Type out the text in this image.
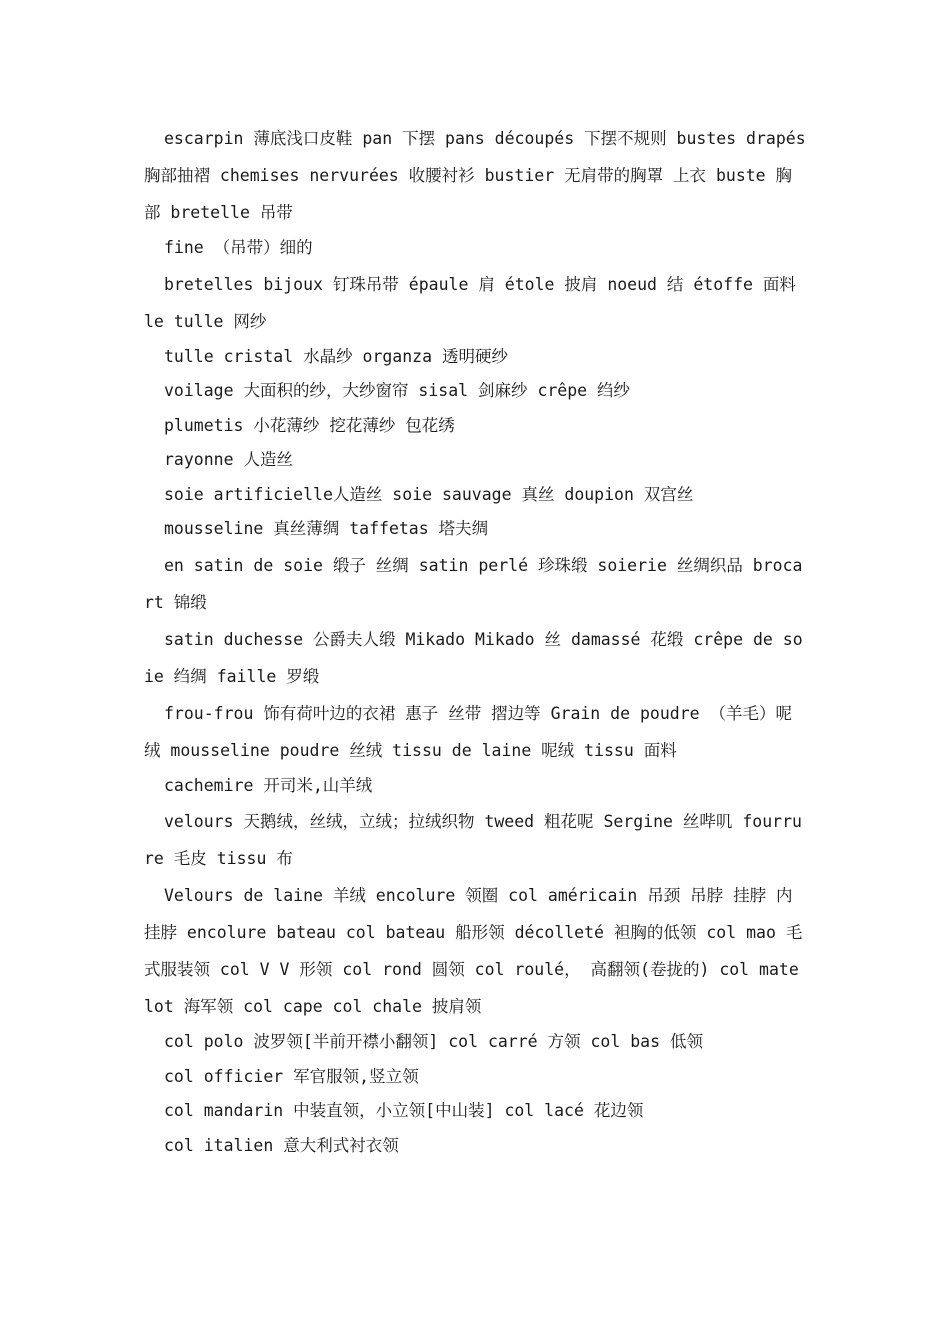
escarpin 薄底浅口皮鞋 pan 下摆 pans découpés 下摆不规则 bustes drapés 胸部抽褶 chemises nervurées 收腰衬衫 bustier 无肩带的胸罩 上衣 buste 胸部 bretelle 吊带

fine （吊带）细的

bretelles bijoux 钉珠吊带 épaule 肩 étole 披肩 noeud 结 étoffe 面料 le tulle 网纱

tulle cristal 水晶纱 organza 透明硬纱

voilage 大面积的纱，大纱窗帘 sisal 剑麻纱 crêpe 绉纱

plumetis 小花薄纱 挖花薄纱 包花绣

rayonne 人造丝

soie artificielle人造丝 soie sauvage 真丝 doupion 双宫丝

mousseline 真丝薄绸 taffetas 塔夫绸

en satin de soie 缎子 丝绸 satin perlé 珍珠缎 soierie 丝绸织品 brocart 锦缎

satin duchesse 公爵夫人缎 Mikado Mikado 丝 damassé 花缎 crêpe de soie 绉绸 faille 罗缎

frou-frou 饰有荷叶边的衣裙 惠子 丝带 摺边等 Grain de poudre （羊毛）呢绒 mousseline poudre 丝绒 tissu de laine 呢绒 tissu 面料

cachemire 开司米,山羊绒

velours 天鹅绒，丝绒，立绒；拉绒织物 tweed 粗花呢 Sergine 丝哔叽 fourrure 毛皮 tissu 布

Velours de laine 羊绒 encolure 领圈 col américain 吊颈 吊脖 挂脖 内挂脖 encolure bateau col bateau 船形领 décolleté 袒胸的低领 col mao 毛式服装领 col V V 形领 col rond 圆领 col roulé， 高翻领(卷拢的) col matelot 海军领 col cape col chale 披肩领

col polo 波罗领[半前开襟小翻领] col carré 方领 col bas 低领

col officier 军官服领,竖立领

col mandarin 中装直领，小立领[中山装] col lacé 花边领

col italien 意大利式衬衣领
